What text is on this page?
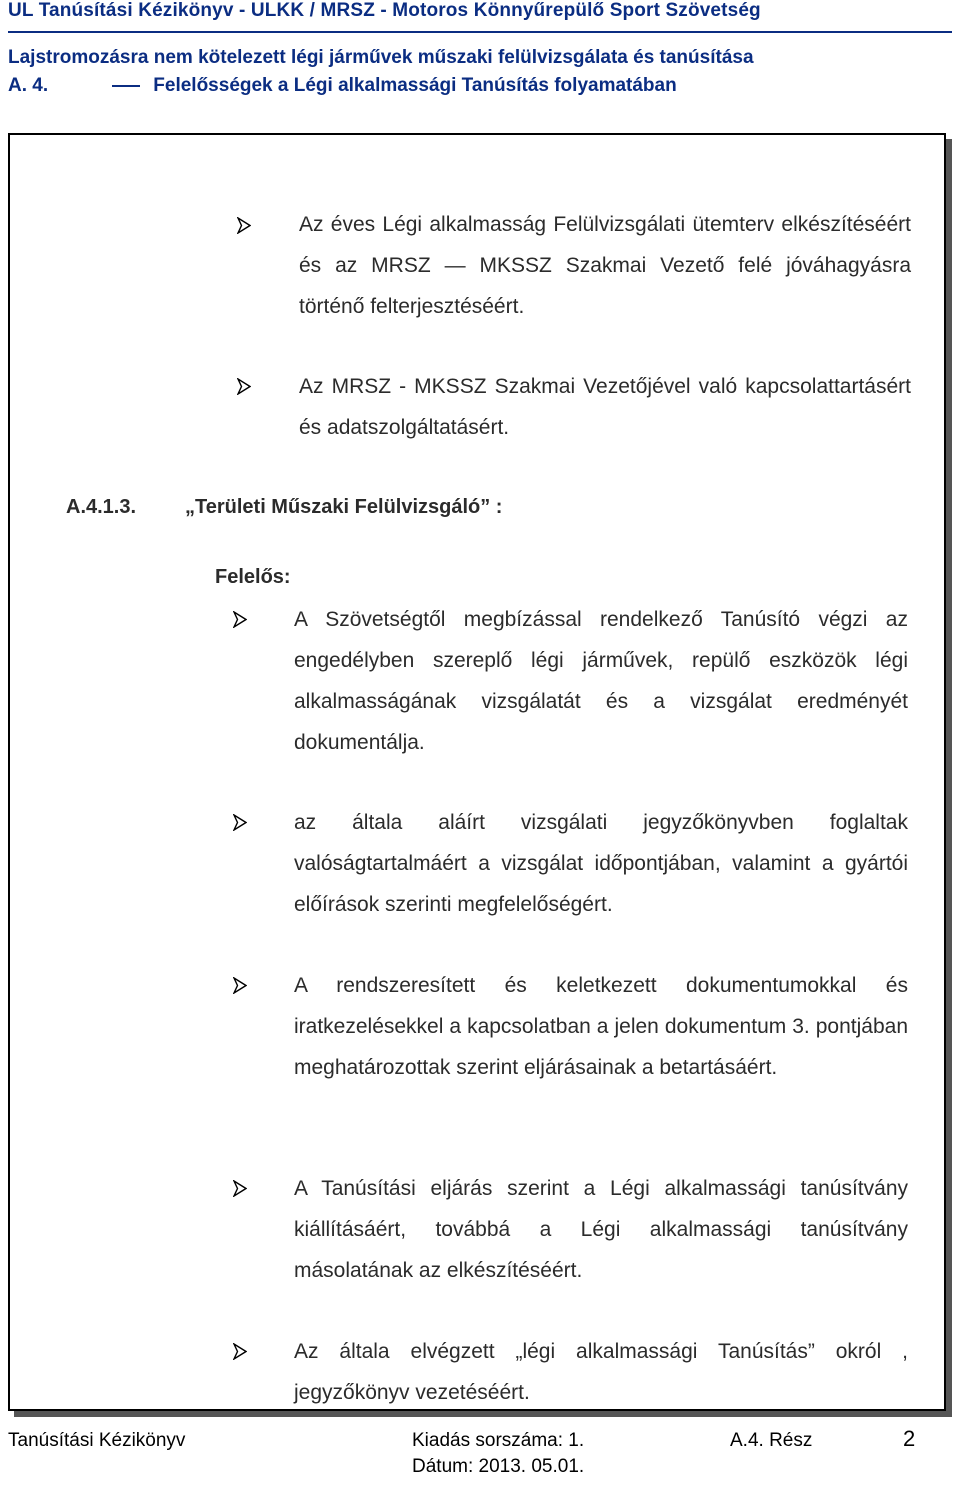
UL Tanúsítási Kézikönyv - ULKK / MRSZ - Motoros Könnyűrepülő Sport Szövetség
Lajstromozásra nem kötelezett légi járművek műszaki felülvizsgálata és tanúsítása
A. 4.	Felelősségek a Légi alkalmassági Tanúsítás folyamatában
Az éves Légi alkalmasság Felülvizsgálati ütemterv elkészítéséért és az MRSZ — MKSSZ Szakmai Vezető felé jóváhagyásra történő felterjesztéséért.
Az MRSZ - MKSSZ Szakmai Vezetőjével való kapcsolattartásért és adatszolgáltatásért.
A.4.1.3. „Területi Műszaki Felülvizsgáló” :
Felelős:
A Szövetségtől megbízással rendelkező Tanúsító végzi az engedélyben szereplő légi járművek, repülő eszközök légi alkalmasságának vizsgálatát és a vizsgálat eredményét dokumentálja.
az általa aláírt vizsgálati jegyzőkönyvben foglaltak valóságtartalmáért a vizsgálat időpontjában, valamint a gyártói előírások szerinti megfelelőségért.
A rendszeresített és keletkezett dokumentumokkal és iratkezelésekkel a kapcsolatban a jelen dokumentum 3. pontjában meghatározottak szerint eljárásainak a betartásáért.
A Tanúsítási eljárás szerint a Légi alkalmassági tanúsítvány kiállításáért, továbbá a Légi alkalmassági tanúsítvány másolatának az elkészítéséért.
Az általa elvégzett „légi alkalmassági Tanúsítás” okról , jegyzőkönyv vezetéséért.
Tanúsítási Kézikönyv	Kiadás sorszáma: 1.
Dátum: 2013. 05.01.
A.4. Rész	2
